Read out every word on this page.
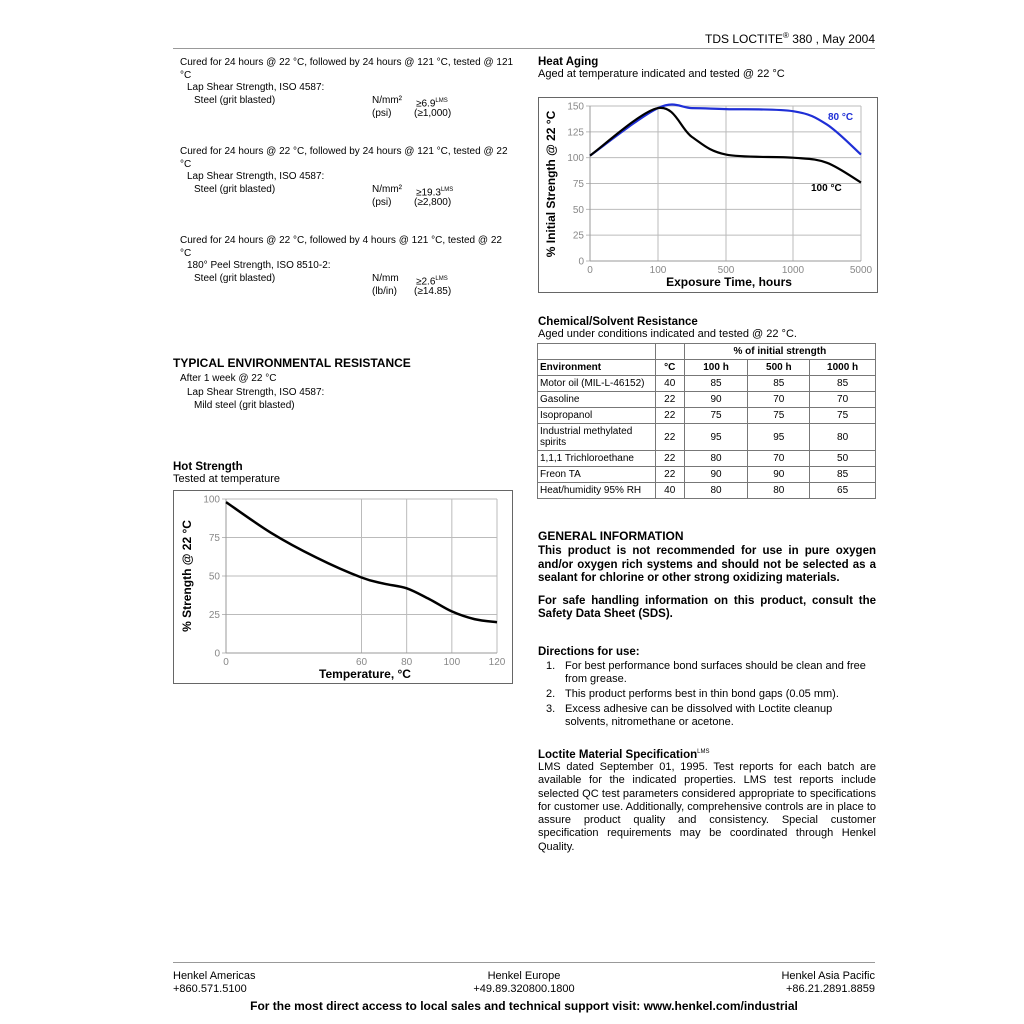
TDS LOCTITE® 380 , May 2004
Cured for 24 hours @ 22 °C, followed by 24 hours @ 121 °C, tested @ 121 °C
Lap Shear Strength, ISO 4587:
Steel (grit blasted)	$N/mm^2 \ge 6.9^{LMS}$
(psi) (≥1,000)
Cured for 24 hours @ 22 °C, followed by 24 hours @ 121 °C, tested @ 22 °C
Lap Shear Strength, ISO 4587:
Steel (grit blasted)	$N/mm^2 \ge 19.3^{LMS}$
(psi) (≥2,800)
Cured for 24 hours @ 22 °C, followed by 4 hours @ 121 °C, tested @ 22 °C
180° Peel Strength, ISO 8510-2:
Steel (grit blasted)	$N/mm \ge 2.6^{LMS}$
(lb/in) (≥14.85)
TYPICAL ENVIRONMENTAL RESISTANCE
After 1 week @ 22 °C
Lap Shear Strength, ISO 4587:
Mild steel (grit blasted)
Hot Strength
Tested at temperature
0	60	80	100	120
0
25
50
75
100
Temperature, °C
% Strength @ 22 °C
Heat Aging
Aged at temperature indicated and tested @ 22 °C
0	100	500	1000	5000
0
25
50
75
100
125
150
80 °C
100 °C
Exposure Time, hours
% Initial Strength @ 22 °C
Chemical/Solvent Resistance
Aged under conditions indicated and tested @ 22 °C.
		% of initial strength		
Environment	°C	100 h	500 h	1000 h
Motor oil (MIL-L-46152)	40	85	85	85
Gasoline	22	90	70	70
Isopropanol	22	75	75	75
Industrial methylated spirits	22	95	95	80
1,1,1 Trichloroethane	22	80	70	50
Freon TA	22	90	90	85
Heat/humidity 95% RH	40	80	80	65
GENERAL INFORMATION
This product is not recommended for use in pure oxygen and/or oxygen rich systems and should not be selected as a sealant for chlorine or other strong oxidizing materials.
For safe handling information on this product, consult the Safety Data Sheet (SDS).
Directions for use:
1. For best performance bond surfaces should be clean and free from grease.
2. This product performs best in thin bond gaps (0.05 mm).
3. Excess adhesive can be dissolved with Loctite cleanup solvents, nitromethane or acetone.
Loctite Material Specification$^{LMS}$
LMS dated September 01, 1995. Test reports for each batch are available for the indicated properties. LMS test reports include selected QC test parameters considered appropriate to specifications for customer use. Additionally, comprehensive controls are in place to assure product quality and consistency. Special customer specification requirements may be coordinated through Henkel Quality.
Henkel Americas
+860.571.5100
Henkel Europe
+49.89.320800.1800
Henkel Asia Pacific
+86.21.2891.8859
For the most direct access to local sales and technical support visit: www.henkel.com/industrial
